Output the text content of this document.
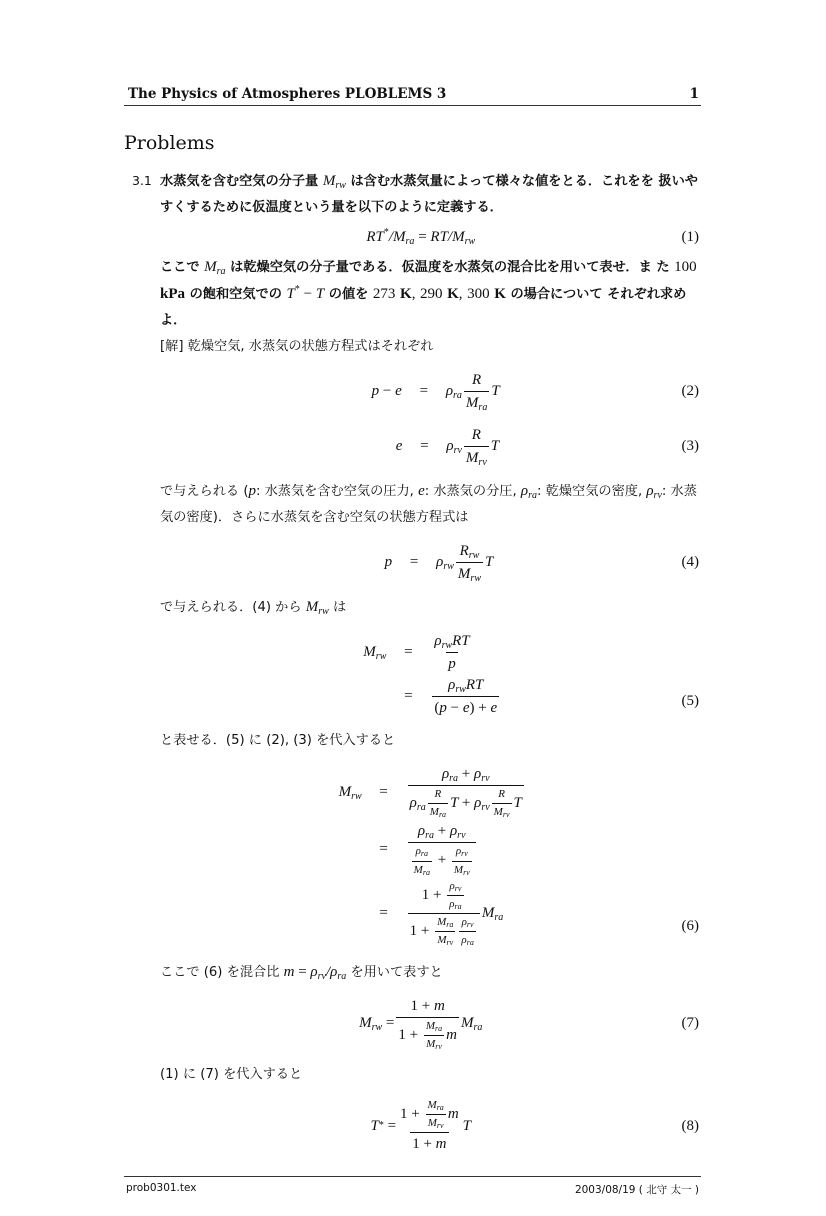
The Physics of Atmospheres PLOBLEMS 3	1
Problems
3.1 水蒸気を含む空気の分子量 $M_{rw}$ は含む水蒸気量によって様々な値をとる．これをを 扱いやすくするために仮温度という量を以下のように定義する．

$RT^*/M_{ra} = RT/M_{rw}$	(1)

ここで $M_{ra}$ は乾燥空気の分子量である．仮温度を水蒸気の混合比を用いて表せ．ま た 100 kPa の飽和空気での T* − T の値を 273 K, 290 K, 300 K の場合について それぞれ求めよ．

[解] 乾燥空気, 水蒸気の状態方程式はそれぞれ

p − e	=	$\rho_{ra} \frac{R}{M_{ra}}$ T	(2)
e	=	$\rho_{rv} \frac{R}{M_{rv}}$ T	(3)

で与えられる (p: 水蒸気を含む空気の圧力, e: 水蒸気の分圧, $\rho_{ra}$: 乾燥空気の密度, $\rho_{rv}$: 水蒸気の密度)．さらに水蒸気を含む空気の状態方程式は

p	=	$\rho_{rw} \frac{R_{rw}}{M_{rw}}$ T	(4)

で与えられる．(4) から $M_{rw}$ は

$M_{rw}$	=	$\frac{\rho_{rw}RT}{p}$
=	$\frac{\rho_{rw}RT}{(p - e) + e}$	(5)

と表せる．(5) に (2), (3) を代入すると

$M_{rw}$	=	$\frac{\rho_{ra} + \rho_{rv}}{\rho_{ra} \frac{R}{M_{ra}} T + \rho_{rv} \frac{R}{M_{rv}} T}$
=	$\frac{\rho_{ra} + \rho_{rv}}{\frac{\rho_{ra}}{M_{ra}} + \frac{\rho_{rv}}{M_{rv}}}$
=	$\frac{1 + \frac{\rho_{rv}}{\rho_{ra}}}{1 + \frac{M_{ra}}{M_{rv}} \frac{\rho_{rv}}{\rho_{ra}}} M_{ra}$	(6)

ここで (6) を混合比 $m = \rho_{rv}/\rho_{ra}$ を用いて表すと

$M_{rw}$
= $\frac{1 + m}{1 + \frac{M_{ra}}{M_{rv}} m} M_{ra}$	(7)

(1) に (7) を代入すると

T *
= $\frac{1 + \frac{M_{ra}}{M_{rv}} m}{1 + m}$ T	(8)
prob0301.tex	2003/08/19 ( 北守 太一 )
